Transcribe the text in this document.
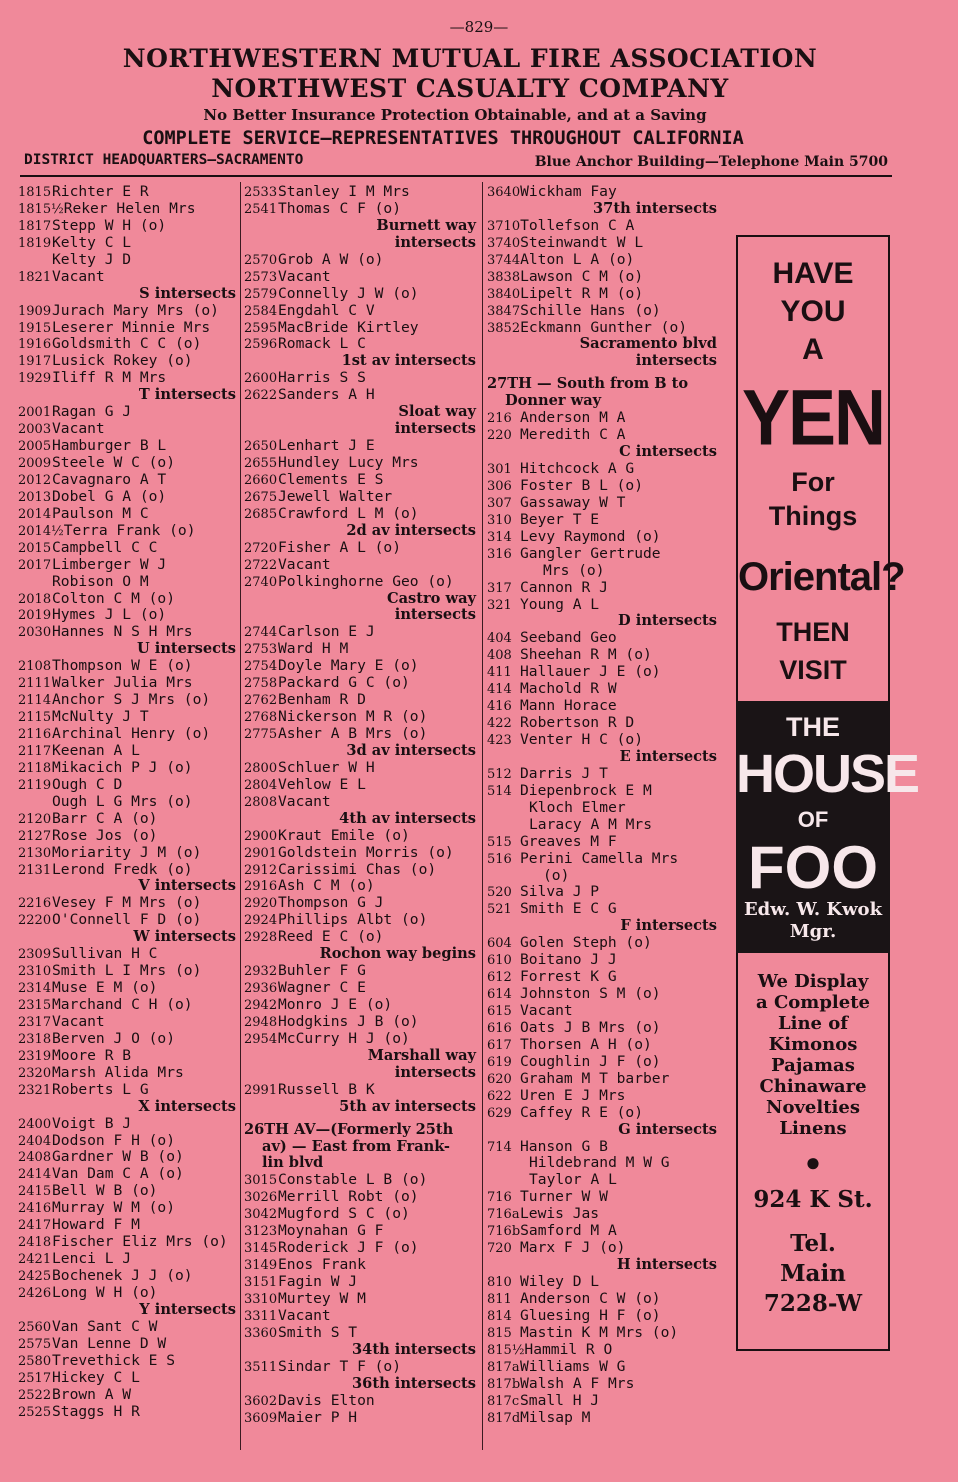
—829—
NORTHWESTERN MUTUAL FIRE ASSOCIATION
NORTHWEST CASUALTY COMPANY
No Better Insurance Protection Obtainable, and at a Saving
COMPLETE SERVICE—REPRESENTATIVES THROUGHOUT CALIFORNIA
DISTRICT HEADQUARTERS—SACRAMENTO	Blue Anchor Building—Telephone Main 5700
1815Richter E R
1815½Reker Helen Mrs
1817Stepp W H (o)
1819Kelty C L
Kelty J D
1821Vacant
S intersects
1909Jurach Mary Mrs (o)
1915Leserer Minnie Mrs
1916Goldsmith C C (o)
1917Lusick Rokey (o)
1929Iliff R M Mrs
T intersects
2001Ragan G J
2003Vacant
2005Hamburger B L
2009Steele W C (o)
2012Cavagnaro A T
2013Dobel G A (o)
2014Paulson M C
2014½Terra Frank (o)
2015Campbell C C
2017Limberger W J
Robison O M
2018Colton C M (o)
2019Hymes J L (o)
2030Hannes N S H Mrs
U intersects
2108Thompson W E (o)
2111Walker Julia Mrs
2114Anchor S J Mrs (o)
2115McNulty J T
2116Archinal Henry (o)
2117Keenan A L
2118Mikacich P J (o)
2119Ough C D
Ough L G Mrs (o)
2120Barr C A (o)
2127Rose Jos (o)
2130Moriarity J M (o)
2131Lerond Fredk (o)
V intersects
2216Vesey F M Mrs (o)
2220O'Connell F D (o)
W intersects
2309Sullivan H C
2310Smith L I Mrs (o)
2314Muse E M (o)
2315Marchand C H (o)
2317Vacant
2318Berven J O (o)
2319Moore R B
2320Marsh Alida Mrs
2321Roberts L G
X intersects
2400Voigt B J
2404Dodson F H (o)
2408Gardner W B (o)
2414Van Dam C A (o)
2415Bell W B (o)
2416Murray W M (o)
2417Howard F M
2418Fischer Eliz Mrs (o)
2421Lenci L J
2425Bochenek J J (o)
2426Long W H (o)
Y intersects
2560Van Sant C W
2575Van Lenne D W
2580Trevethick E S
2517Hickey C L
2522Brown A W
2525Staggs H R
2533Stanley I M Mrs
2541Thomas C F (o)
Burnett way
intersects
2570Grob A W (o)
2573Vacant
2579Connelly J W (o)
2584Engdahl C V
2595MacBride Kirtley
2596Romack L C
1st av intersects
2600Harris S S
2622Sanders A H
Sloat way
intersects
2650Lenhart J E
2655Hundley Lucy Mrs
2660Clements E S
2675Jewell Walter
2685Crawford L M (o)
2d av intersects
2720Fisher A L (o)
2722Vacant
2740Polkinghorne Geo (o)
Castro way
intersects
2744Carlson E J
2753Ward H M
2754Doyle Mary E (o)
2758Packard G C (o)
2762Benham R D
2768Nickerson M R (o)
2775Asher A B Mrs (o)
3d av intersects
2800Schluer W H
2804Vehlow E L
2808Vacant
4th av intersects
2900Kraut Emile (o)
2901Goldstein Morris (o)
2912Carissimi Chas (o)
2916Ash C M (o)
2920Thompson G J
2924Phillips Albt (o)
2928Reed E C (o)
Rochon way begins
2932Buhler F G
2936Wagner C E
2942Monro J E (o)
2948Hodgkins J B (o)
2954McCurry H J (o)
Marshall way
intersects
2991Russell B K
5th av intersects
26TH AV—(Formerly 25th
av) — East from Frank-
lin blvd
3015Constable L B (o)
3026Merrill Robt (o)
3042Mugford S C (o)
3123Moynahan G F
3145Roderick J F (o)
3149Enos Frank
3151Fagin W J
3310Murtey W M
3311Vacant
3360Smith S T
34th intersects
3511Sindar T F (o)
36th intersects
3602Davis Elton
3609Maier P H
3640Wickham Fay
37th intersects
3710Tollefson C A
3740Steinwandt W L
3744Alton L A (o)
3838Lawson C M (o)
3840Lipelt R M (o)
3847Schille Hans (o)
3852Eckmann Gunther (o)
Sacramento blvd
intersects
27TH — South from B to
Donner way
216 Anderson M A
220 Meredith C A
C intersects
301 Hitchcock A G
306 Foster B L (o)
307 Gassaway W T
310 Beyer T E
314 Levy Raymond (o)
316 Gangler Gertrude
Mrs (o)
317 Cannon R J
321 Young A L
D intersects
404 Seeband Geo
408 Sheehan R M (o)
411 Hallauer J E (o)
414 Machold R W
416 Mann Horace
422 Robertson R D
423 Venter H C (o)
E intersects
512 Darris J T
514 Diepenbrock E M
Kloch Elmer
Laracy A M Mrs
515 Greaves M F
516 Perini Camella Mrs
(o)
520 Silva J P
521 Smith E C G
F intersects
604 Golen Steph (o)
610 Boitano J J
612 Forrest K G
614 Johnston S M (o)
615 Vacant
616 Oats J B Mrs (o)
617 Thorsen A H (o)
619 Coughlin J F (o)
620 Graham M T barber
622 Uren E J Mrs
629 Caffey R E (o)
G intersects
714 Hanson G B
Hildebrand M W G
Taylor A L
716 Turner W W
716aLewis Jas
716bSamford M A
720 Marx F J (o)
H intersects
810 Wiley D L
811 Anderson C W (o)
814 Gluesing H F (o)
815 Mastin K M Mrs (o)
815½Hammil R O
817aWilliams W G
817bWalsh A F Mrs
817cSmall H J
817dMilsap M
HAVE
YOU
A
YEN
For
Things
Oriental?
THEN
VISIT
THE
HOUSE
OF
FOO
Edw. W. Kwok
Mgr.
We Display
a Complete
Line of
Kimonos
Pajamas
Chinaware
Novelties
Linens
●
924 K St.
Tel.
Main
7228-W
